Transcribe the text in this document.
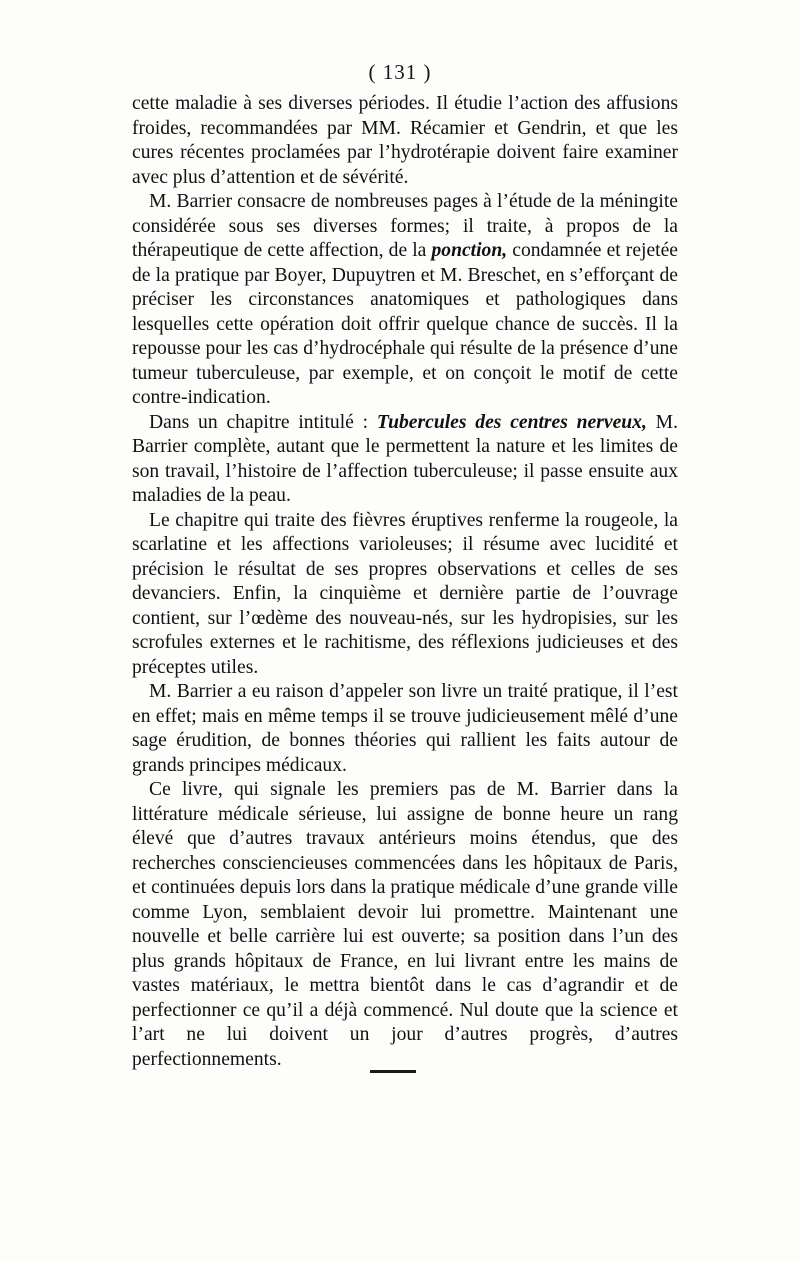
( 131 )

cette maladie à ses diverses périodes. Il étudie l’action des affusions froides, recommandées par MM. Récamier et Gendrin, et que les cures récentes proclamées par l’hydrotérapie doivent faire examiner avec plus d’attention et de sévérité.

M. Barrier consacre de nombreuses pages à l’étude de la méningite considérée sous ses diverses formes; il traite, à propos de la thérapeutique de cette affection, de la ponction, condamnée et rejetée de la pratique par Boyer, Dupuytren et M. Breschet, en s’efforçant de préciser les circonstances anatomiques et pathologiques dans lesquelles cette opération doit offrir quelque chance de succès. Il la repousse pour les cas d’hydrocéphale qui résulte de la présence d’une tumeur tuberculeuse, par exemple, et on conçoit le motif de cette contre-indication.

Dans un chapitre intitulé : Tubercules des centres nerveux, M. Barrier complète, autant que le permettent la nature et les limites de son travail, l’histoire de l’affection tuberculeuse; il passe ensuite aux maladies de la peau.

Le chapitre qui traite des fièvres éruptives renferme la rougeole, la scarlatine et les affections varioleuses; il résume avec lucidité et précision le résultat de ses propres observations et celles de ses devanciers. Enfin, la cinquième et dernière partie de l’ouvrage contient, sur l’œdème des nouveau-nés, sur les hydropisies, sur les scrofules externes et le rachitisme, des réflexions judicieuses et des préceptes utiles.

M. Barrier a eu raison d’appeler son livre un traité pratique, il l’est en effet; mais en même temps il se trouve judicieusement mêlé d’une sage érudition, de bonnes théories qui rallient les faits autour de grands principes médicaux.

Ce livre, qui signale les premiers pas de M. Barrier dans la littérature médicale sérieuse, lui assigne de bonne heure un rang élevé que d’autres travaux antérieurs moins étendus, que des recherches consciencieuses commencées dans les hôpitaux de Paris, et continuées depuis lors dans la pratique médicale d’une grande ville comme Lyon, semblaient devoir lui promettre. Maintenant une nouvelle et belle carrière lui est ouverte; sa position dans l’un des plus grands hôpitaux de France, en lui livrant entre les mains de vastes matériaux, le mettra bientôt dans le cas d’agrandir et de perfectionner ce qu’il a déjà commencé. Nul doute que la science et l’art ne lui doivent un jour d’autres progrès, d’autres perfectionnements.
